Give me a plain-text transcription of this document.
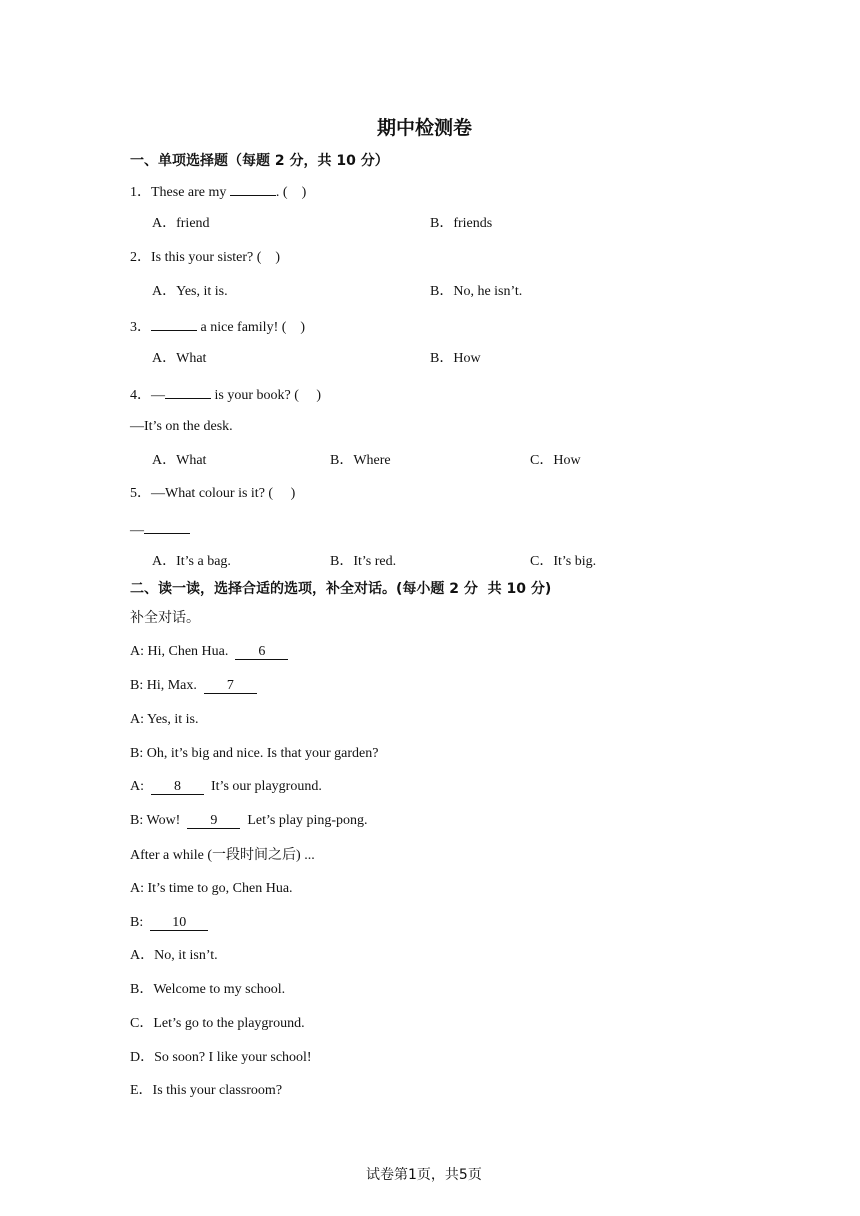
期中检测卷
一、单项选择题（每题 2 分，共 10 分）
1．These are my	. (    )
A．friend	B．friends
2．Is this your sister? (    )
A．Yes, it is.	B．No, he isn’t.
3．	a nice family! (    )
A．What	B．How
4．—	is your book? (     )
—It’s on the desk.
A．What	B．Where	C．How
5．—What colour is it? (     )
—
A．It’s a bag.	B．It’s red.	C．It’s big.
二、读一读，选择合适的选项，补全对话。(每小题 2 分  共 10 分)
补全对话。
A: Hi, Chen Hua.  6
B: Hi, Max.  7
A: Yes, it is.
B: Oh, it’s big and nice. Is that your garden?
A:  8  It’s our playground.
B: Wow!  9  Let’s play ping-pong.
After a while (一段时间之后) ...
A: It’s time to go, Chen Hua.
B:  10
A．No, it isn’t.
B．Welcome to my school.
C．Let’s go to the playground.
D．So soon? I like your school!
E．Is this your classroom?
试卷第1页，共5页
